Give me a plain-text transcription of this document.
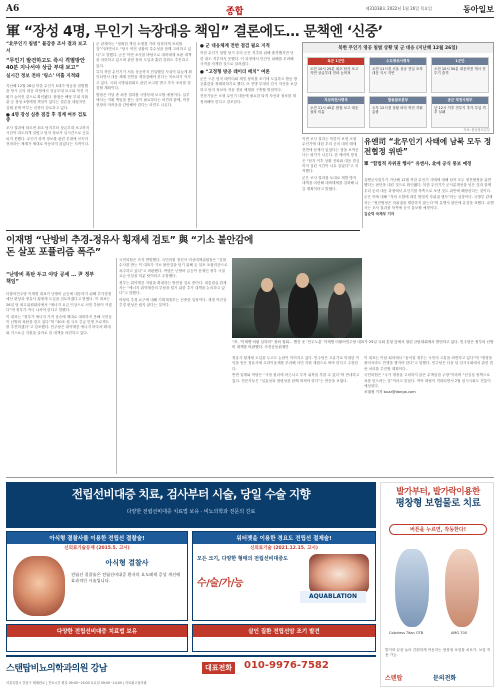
A6	종합	제31038호 2022년 1월 26일 목요일	동아일보
軍 “장성 4명, 무인기 늑장대응 책임” 결론에도… 문책엔 ‘신중’
“北무인기 침범” 불감증 조사 결과 보고서
“무인기 발견하고도 즉시 격멸방안 40분 지나서야 상급 부대 보고”
실시간 정보 전파 ‘링스’ 미흡 지적돼

지난해 12월 26일 북한 무인기 5대가 영공을 침범했을 당시 군의 대응 과정에서 상급부대 보고와 작전 지휘가 늦어진 것으로 확인됐다. 합참은 해당 부대 지휘관 등 장성 4명에게 책임이 있다는 결론을 내렸지만 실제 문책 여부는 신중히 검토하고 있다.

● 4명 장성 심층 점검 후 징계 여부 검토 중

조사 결과에 따르면 최초 탐지부터 상급부대 보고까지 시간이 과도하게 걸렸고 탐지 정보가 실시간으로 공유되지 못했다. 무인기 항적 정보를 관련 부대에 신속히 전파하는 체계가 제대로 작동하지 않았다는 지적이다.

군 관계자는 “정확한 책임 소재를 가려 엄정하게 조치할 것”이라면서도 “당시 작전 상황의 특수성을 함께 고려하고 있다”고 말했다. 군은 이번 조사를 바탕으로 대비태세 보완 대책을 마련하고 있으며 관련 장비 도입과 훈련 강화도 추진하고 있다.

특히 북한 무인기가 서울 상공까지 진입했던 사실이 뒤늦게 확인되면서 대응 체계 전반을 재점검해야 한다는 목소리가 커지고 있다. 국회 국방위원회도 관련 보고를 받고 후속 조치를 점검할 계획이다.

합참은 이달 중 최종 결과를 국방부에 보고할 예정이다. 일부에서는 지휘 책임을 묻는 것이 필요하다는 의견과 함께, 작전 현장의 어려움을 감안해야 한다는 의견도 나온다.

● 군 대응체계 전반 점검 필요 지적

북한 무인기 침범 당시 우리 군은 격추를 위해 출격했지만 단 한 대도 격추하지 못했다. 이 과정에서 민간인 피해를 우려해 사격을 자제한 것으로 알려졌다.

● “고정형 방공 레이더 배치” 여론

군은 드론 탐지 레이더와 재밍 장비를 조기에 도입하고 합동 방공훈련을 정례화하기로 했다. 또 전방 부대의 감시 자산을 보강하고 탐지 정보의 자동 전파 체계를 구축할 방침이다.

전문가들은 소형 무인기 대응에 필요한 타격 자산과 절차를 재정비해야 한다고 강조한다.

북한 무인기 영공 침범 상황 및 군 대응 (지난해 12월 26일)
육군 1군단
오전 10시 25분 최초 탐지 보고 지연 상급부대 전파 늦어져
수도방위사령부
오전 11시경 서울 상공 진입 포착 대응 지시 지연
1군단
오전 10시 50분 대응작전 개시 전투기 출격
지상작전사령부
오전 11시 45분 합참 보고 대응 절차 미흡
합동참모본부
오후 12시경 상황 파악 작전 지휘 총괄
공군 작전사령부
낮 12시 이후 전투기 추가 투입 격추 실패
자료: 합동참모본부

이번 조사 결과는 북한이 보낸 소형 무인기에 대한 우리 군의 대비 태세 전반에 문제가 있었다는 점을 보여준다는 평가가 나온다. 한 예비역 장성은 “탐지 이후 상황 전파와 대응 결심까지 걸린 시간이 너무 길었다”고 지적했다.

군은 조사 결과를 토대로 재발 방지 대책을 마련해 대비태세를 강화해 나갈 계획이라고 밝혔다.

유엔司 “北무인기 사태에 남북 모두 정전협정 위반”
軍 “합법적 자위권 행사” 유엔사, 北에 공식 통보 예정

유엔군사령부가 지난해 12월 북한 무인기 사태에 대해 남북 모두 정전협정을 위반했다는 판단을 내린 것으로 확인됐다. 북한 무인기가 군사분계선을 넘은 것과 함께 우리 군의 대응 과정에서 무인기를 북측으로 보낸 것도 위반에 해당한다는 것이다.

군은 이에 대해 “적의 도발에 대한 합법적 자위권 행사”라는 입장이다. 국방부 관계자는 “정전협정은 자위권을 제한하지 않는다”며 유엔사 판단에 유감을 표했다. 유엔사는 조사 결과를 북측에 공식 통보할 예정이다.

김순덕 국제부 기자

이재명 “난방비 추경-정유사 횡재세 검토” 與 “기소 불안감에 돈 살포 포퓰리즘 폭주”
“난방비 폭탄 두고 야당 공세 … 尹 정부 책임”

더불어민주당 이재명 대표가 난방비 급등에 대응하기 위해 추가경정예산 편성과 정유사 횡재세 도입을 검토하겠다고 밝혔다. 이 대표는 26일 당 최고위원회의에서 “에너지 요금 인상으로 서민 부담이 커졌다”며 정부가 적극 나서야 한다고 말했다.

이 대표는 “정부가 에너지 가격 상승에 제대로 대비하지 못해 국민들이 난방비 폭탄을 맞고 있다”며 “30조 원 규모 긴급 민생 프로젝트를 추진하겠다”고 강조했다. 민주당은 취약계층 에너지 바우처 확대와 가스요금 지원을 골자로 한 대책을 마련하고 있다.

국민의힘은 즉각 반발했다. 국민의힘 정진석 비상대책위원장은 “검찰 수사를 받는 이 대표가 기소 불안감을 덮기 위해 돈 살포 포퓰리즘으로 폭주하고 있다”고 비판했다. 여당은 난방비 급등이 문재인 정부 시절 요금 인상을 미룬 탓이라고 주장했다.

정부는 취약계층 지원을 확대하는 방안을 검토 중이다. 대통령실 관계자는 “에너지 취약계층의 부담을 덜기 위한 추가 대책을 논의하고 있다”고 말했다.

야당의 추경 요구에 대해 기획재정부는 신중한 입장이다. 재정 여건상 추경 편성은 쉽지 않다는 것이다.

“尹, ‘이재명’처럼 일하라” 장외 집회… 빨간 옷 ‘민주노총’ 이재명 더불어민주당 대표가 25일 국회 본청 앞에서 열린 규탄대회에서 발언하고 있다. 민주당은 정부의 난방비 대책을 비판했다. 사진공동취재단

정유사 횡재세 도입을 두고도 논란이 이어지고 있다. 민주당은 고유가로 막대한 이익을 얻은 정유사에 초과이윤세를 부과해 서민 지원 재원으로 써야 한다고 주장한다.

반면 업계와 여당은 “시장 원리에 어긋나고 투자 위축을 부를 수 있다”며 반대하고 있다. 전문가들은 “실효성과 형평성을 함께 따져야 한다”는 반응을 보였다.

이 대표는 이날 회의에서 “윤석열 정부는 국민의 고통을 외면하고 있다”며 “재정을 풀어서라도 민생을 챙겨야 한다”고 말했다. 민주당은 다음 달 임시국회에서 관련 법안 처리를 추진할 계획이다.

국민의힘은 “국가 재정을 고려하지 않은 무책임한 주장”이라며 “선심성 정책으로 표를 얻으려는 것”이라고 맞섰다. 여야 대립이 격화되면서 2월 임시국회도 진통이 예상된다.

조권형 기자 buzz@donga.com

전립선비대증 치료, 검사부터 시술, 당일 수술 지향
다양한 전립선비대증 치료법 보유 · 비뇨의학과 전문의 진료
아식형 결찰사를 이용한 전립선 결찰술!
신의료기술등재 (2015.5. 고시)
아식형 결찰사
전립선 결찰술은 전립선비대증 환자의 요도폐색 증상 개선에 효과적인 시술입니다.
워터젯을 이용한 경요도 전립선 절제술!
신의료기술 (2021.12.15. 고시)
모든 크기, 다양한 형태의 전립선비대증도
수/술/가/능
AQUABLATION
다양한 전립선비대증 치료법 보유	살인 질환 전립선암 조기 발견
스탠탑비뇨의학과의원 강남	대표전화	010-9976-7582
서울특별시 강남구 테헤란로 | 진료시간 평일 09:00~19:00 토요일 09:00~14:00 | 의료광고심의필
발가부터, 발가락이용한
평창형 보험물로 치료
버튼을 누르면, 작동한다!
Colorless Titan OTB	AMG 700
발가락 끝을 눌러 간편하게 작동하는 평창형 보험물 치료기. 보험 적용 가능.
스텐탑	문의전화
